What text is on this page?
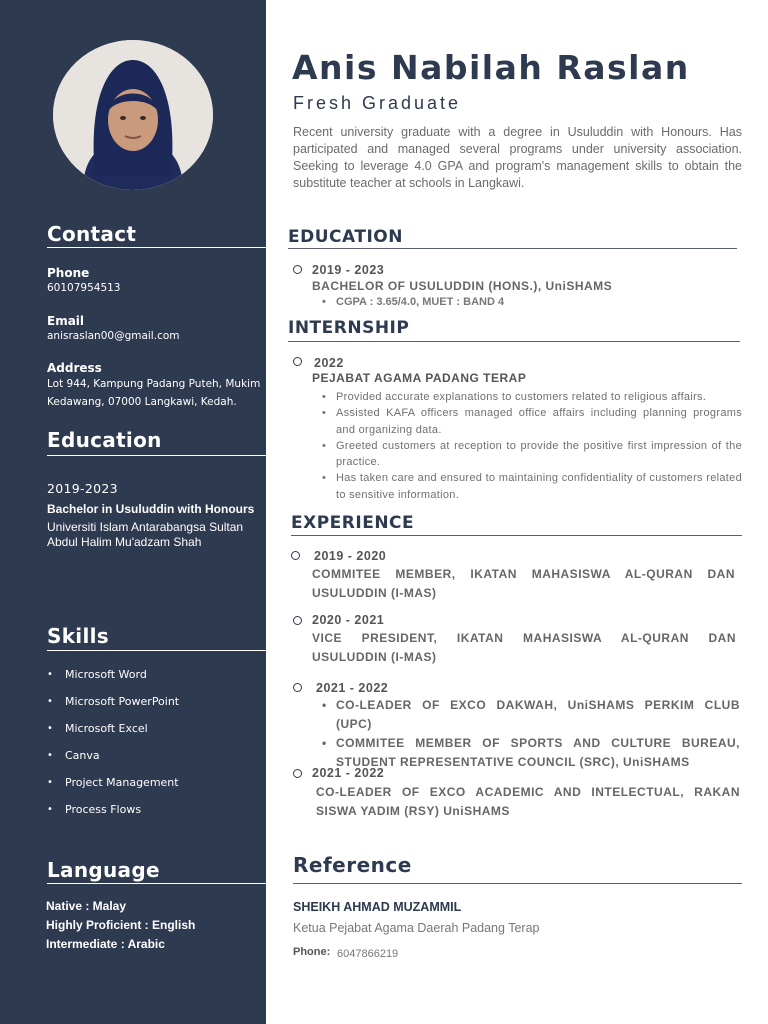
Contact
Phone
60107954513
Email
anisraslan00@gmail.com
Address
Lot 944, Kampung Padang Puteh, Mukim Kedawang, 07000 Langkawi, Kedah.
Education
2019-2023
Bachelor in Usuluddin with Honours
Universiti Islam Antarabangsa Sultan Abdul Halim Mu'adzam Shah
Skills
• Microsoft Word
• Microsoft PowerPoint
• Microsoft Excel
• Canva
• Project Management
• Process Flows
Language
Native : Malay
Highly Proficient : English
Intermediate : Arabic
Anis Nabilah Raslan
Fresh Graduate
Recent university graduate with a degree in Usuluddin with Honours. Has participated and managed several programs under university association. Seeking to leverage 4.0 GPA and program's management skills to obtain the substitute teacher at schools in Langkawi.
EDUCATION
2019 - 2023
BACHELOR OF USULUDDIN (HONS.), UniSHAMS
• CGPA : 3.65/4.0, MUET : BAND 4
INTERNSHIP
2022
PEJABAT AGAMA PADANG TERAP
• Provided accurate explanations to customers related to religious affairs.
• Assisted KAFA officers managed office affairs including planning programs and organizing data.
• Greeted customers at reception to provide the positive first impression of the practice.
• Has taken care and ensured to maintaining confidentiality of customers related to sensitive information.
EXPERIENCE
2019 - 2020
COMMITEE MEMBER, IKATAN MAHASISWA AL-QURAN DAN USULUDDIN (I-MAS)
2020 - 2021
VICE PRESIDENT, IKATAN MAHASISWA AL-QURAN DAN USULUDDIN (I-MAS)
2021 - 2022
• CO-LEADER OF EXCO DAKWAH, UniSHAMS PERKIM CLUB (UPC)
• COMMITEE MEMBER OF SPORTS AND CULTURE BUREAU, STUDENT REPRESENTATIVE COUNCIL (SRC), UniSHAMS
2021 - 2022
CO-LEADER OF EXCO ACADEMIC AND INTELECTUAL, RAKAN SISWA YADIM (RSY) UniSHAMS
Reference
SHEIKH AHMAD MUZAMMIL
Ketua Pejabat Agama Daerah Padang Terap
Phone: 6047866219
